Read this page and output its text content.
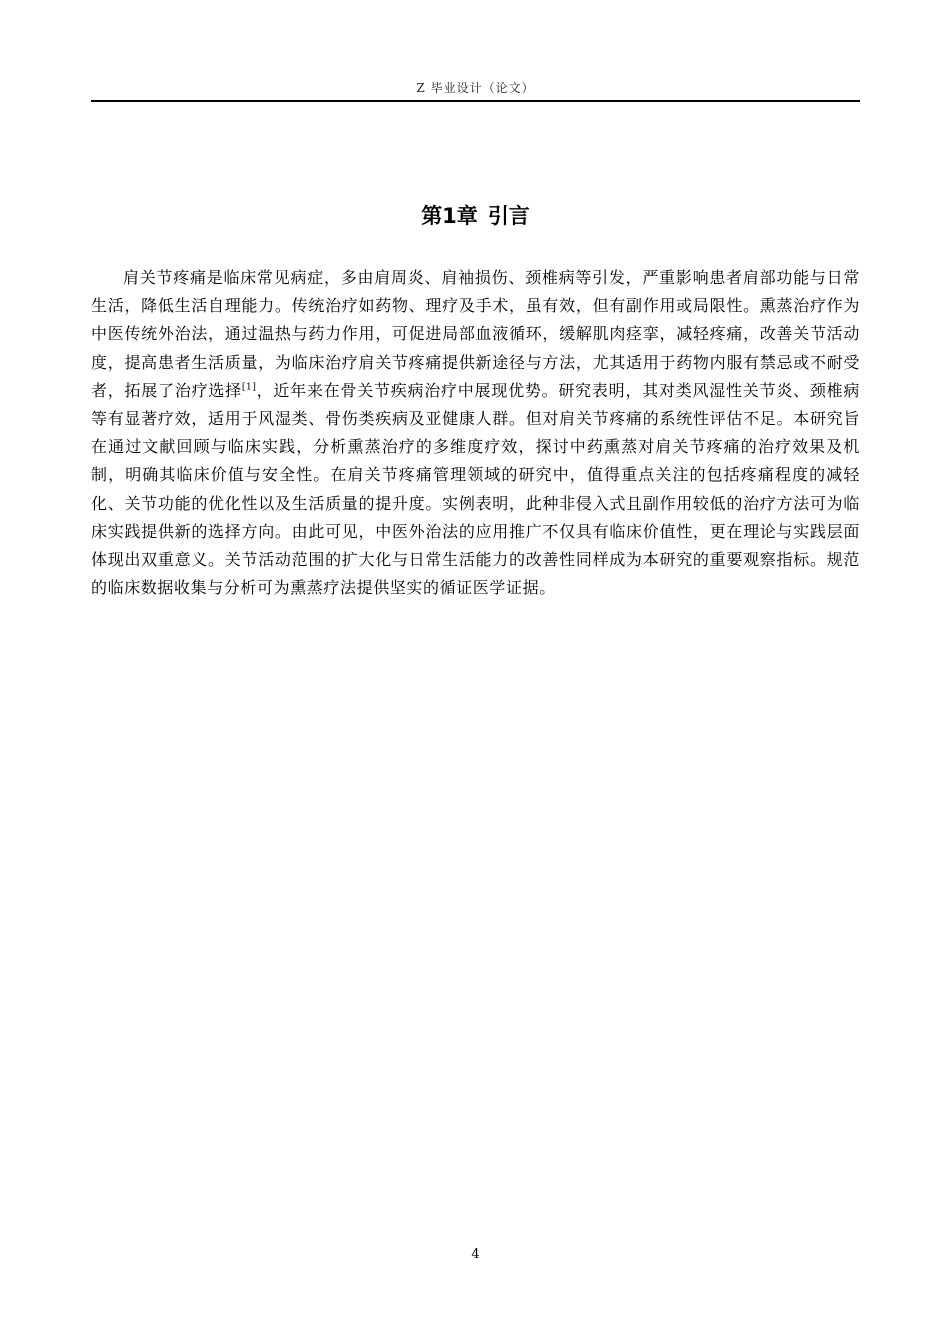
Z 毕业设计（论文）
第1章 引言

肩关节疼痛是临床常见病症，多由肩周炎、肩袖损伤、颈椎病等引发，严重影响患者肩部功能与日常生活，降低生活自理能力。传统治疗如药物、理疗及手术，虽有效，但有副作用或局限性。熏蒸治疗作为中医传统外治法，通过温热与药力作用，可促进局部血液循环，缓解肌肉痉挛，减轻疼痛，改善关节活动度，提高患者生活质量，为临床治疗肩关节疼痛提供新途径与方法，尤其适用于药物内服有禁忌或不耐受者，拓展了治疗选择[1]，近年来在骨关节疾病治疗中展现优势。研究表明，其对类风湿性关节炎、颈椎病等有显著疗效，适用于风湿类、骨伤类疾病及亚健康人群。但对肩关节疼痛的系统性评估不足。本研究旨在通过文献回顾与临床实践，分析熏蒸治疗的多维度疗效，探讨中药熏蒸对肩关节疼痛的治疗效果及机制，明确其临床价值与安全性。在肩关节疼痛管理领域的研究中，值得重点关注的包括疼痛程度的减轻化、关节功能的优化性以及生活质量的提升度。实例表明，此种非侵入式且副作用较低的治疗方法可为临床实践提供新的选择方向。由此可见，中医外治法的应用推广不仅具有临床价值性，更在理论与实践层面体现出双重意义。关节活动范围的扩大化与日常生活能力的改善性同样成为本研究的重要观察指标。规范的临床数据收集与分析可为熏蒸疗法提供坚实的循证医学证据。

4
